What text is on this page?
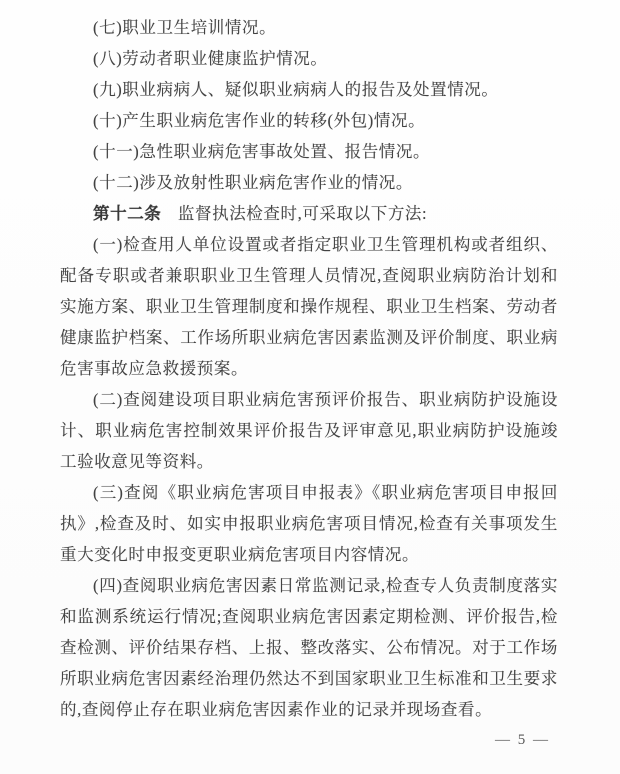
(七)职业卫生培训情况。

(八)劳动者职业健康监护情况。

(九)职业病病人、疑似职业病病人的报告及处置情况。

(十)产生职业病危害作业的转移(外包)情况。

(十一)急性职业病危害事故处置、报告情况。

(十二)涉及放射性职业病危害作业的情况。

第十二条 监督执法检查时,可采取以下方法:

(一)检查用人单位设置或者指定职业卫生管理机构或者组织、配备专职或者兼职职业卫生管理人员情况,查阅职业病防治计划和实施方案、职业卫生管理制度和操作规程、职业卫生档案、劳动者健康监护档案、工作场所职业病危害因素监测及评价制度、职业病危害事故应急救援预案。

(二)查阅建设项目职业病危害预评价报告、职业病防护设施设计、职业病危害控制效果评价报告及评审意见,职业病防护设施竣工验收意见等资料。

(三)查阅《职业病危害项目申报表》《职业病危害项目申报回执》,检查及时、如实申报职业病危害项目情况,检查有关事项发生重大变化时申报变更职业病危害项目内容情况。

(四)查阅职业病危害因素日常监测记录,检查专人负责制度落实和监测系统运行情况;查阅职业病危害因素定期检测、评价报告,检查检测、评价结果存档、上报、整改落实、公布情况。对于工作场所职业病危害因素经治理仍然达不到国家职业卫生标准和卫生要求的,查阅停止存在职业病危害因素作业的记录并现场查看。

— 5 —
